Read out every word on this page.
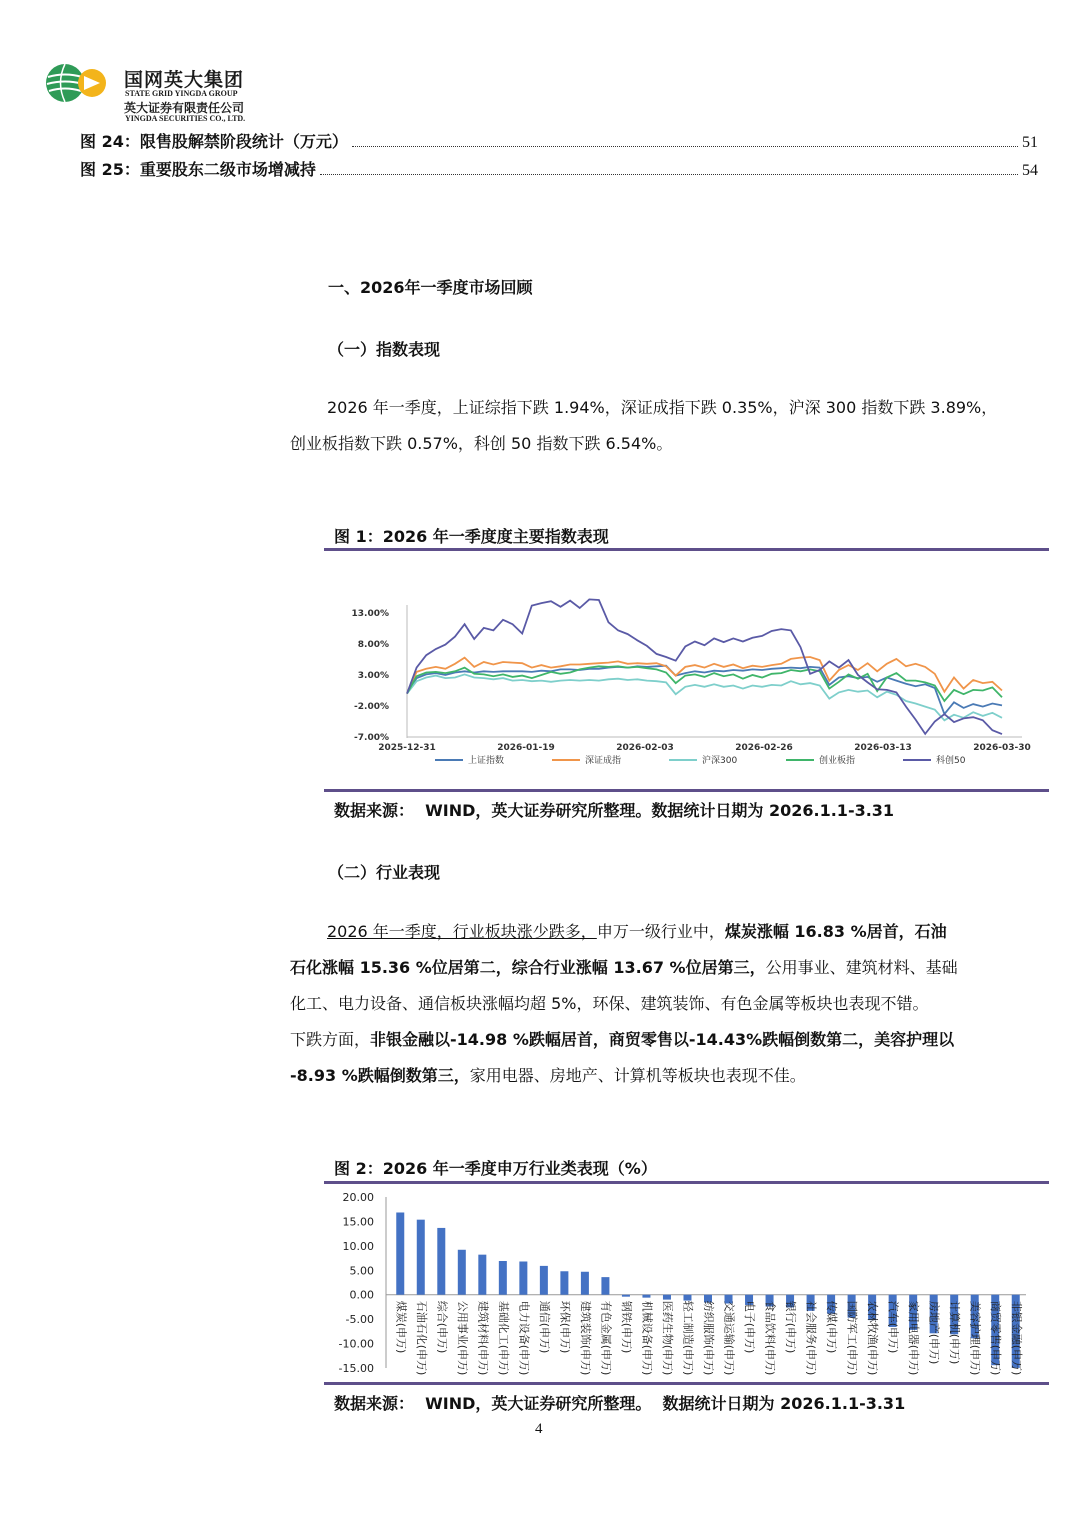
国网英大集团
STATE GRID YINGDA GROUP
英大证券有限责任公司
YINGDA SECURITIES CO., LTD.
图 24：限售股解禁阶段统计（万元）	51
图 25：重要股东二级市场增减持	54
一、2026年一季度市场回顾
（一）指数表现
2026 年一季度，上证综指下跌 1.94%，深证成指下跌 0.35%，沪深 300 指数下跌 3.89%，
创业板指数下跌 0.57%，科创 50 指数下跌 6.54%。
图 1：2026 年一季度度主要指数表现
13.00%
8.00%
3.00%
-2.00%
-7.00%
2025-12-31	2026-01-19	2026-02-03	2026-02-26	2026-03-13	2026-03-30
上证指数	深证成指	沪深300	创业板指	科创50
数据来源：  WIND，英大证券研究所整理。数据统计日期为 2026.1.1-3.31
（二）行业表现
2026 年一季度，行业板块涨少跌多，申万一级行业中，煤炭涨幅 16.83 %居首，石油
石化涨幅 15.36 %位居第二，综合行业涨幅 13.67 %位居第三，公用事业、建筑材料、基础
化工、电力设备、通信板块涨幅均超 5%，环保、建筑装饰、有色金属等板块也表现不错。
下跌方面，非银金融以-14.98 %跌幅居首，商贸零售以-14.43%跌幅倒数第二，美容护理以
-8.93 %跌幅倒数第三，家用电器、房地产、计算机等板块也表现不佳。
图 2：2026 年一季度申万行业类表现（%）
20.00
15.00
10.00
5.00
0.00
-5.00
-10.00
-15.00
煤炭(申万) 石油石化(申万) 综合(申万) 公用事业(申万) 建筑材料(申万) 基础化工(申万) 电力设备(申万) 通信(申万) 环保(申万) 建筑装饰(申万) 有色金属(申万) 钢铁(申万) 机械设备(申万) 医药生物(申万) 轻工制造(申万) 纺织服饰(申万) 交通运输(申万) 电子(申万) 食品饮料(申万) 银行(申万) 社会服务(申万) 传媒(申万) 国防军工(申万) 农林牧渔(申万) 汽车(申万) 家用电器(申万) 房地产(申万) 计算机(申万) 美容护理(申万) 商贸零售(申万) 非银金融(申万)
数据来源：  WIND，英大证券研究所整理。  数据统计日期为 2026.1.1-3.31
4
